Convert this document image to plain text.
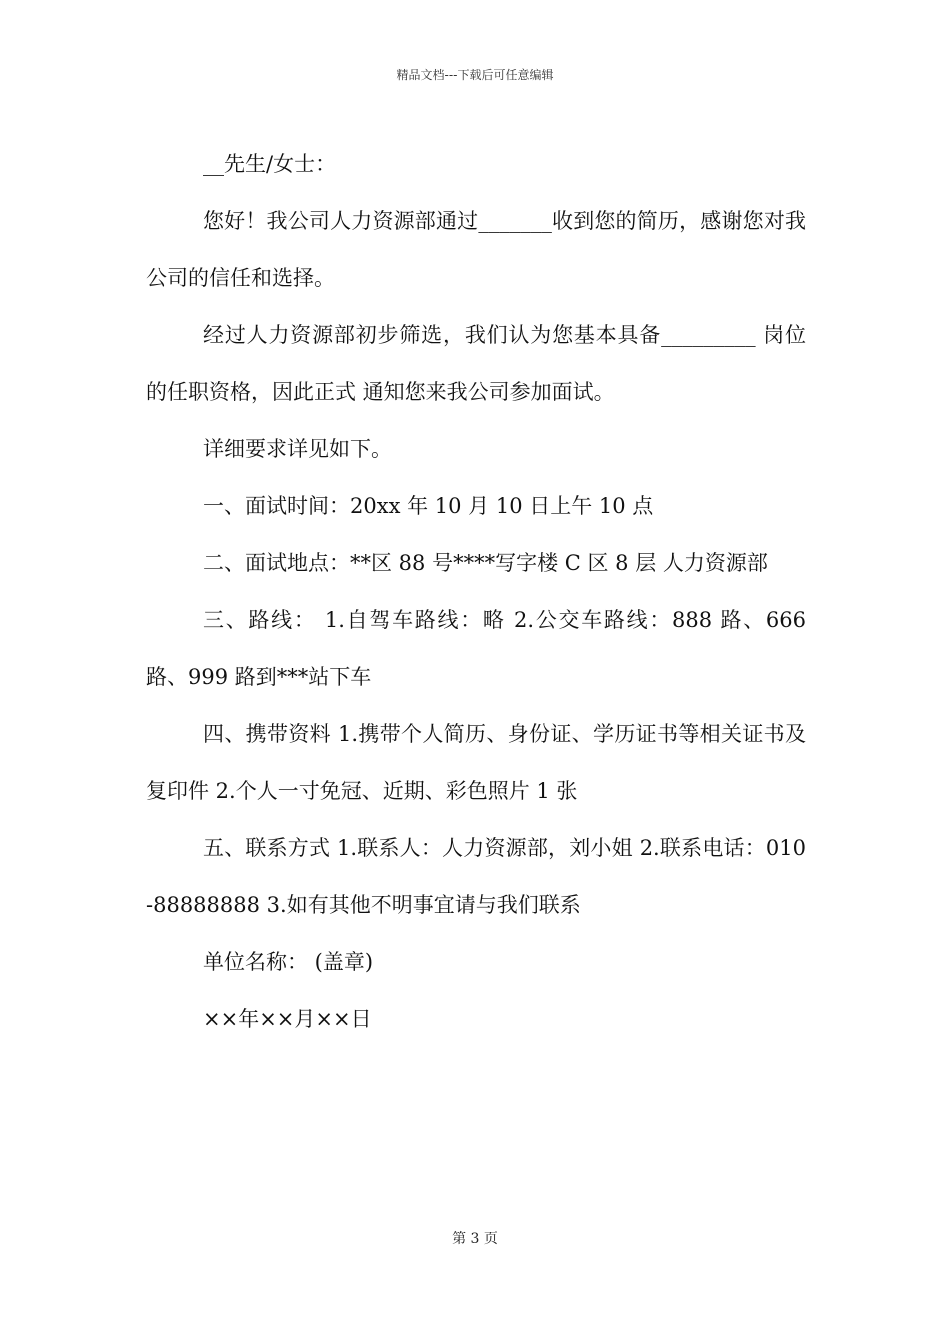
精品文档---下载后可任意编辑

__先生/女士：

您好！我公司人力资源部通过_______收到您的简历，感谢您对我公司的信任和选择。

经过人力资源部初步筛选，我们认为您基本具备_________ 岗位的任职资格，因此正式 通知您来我公司参加面试。

详细要求详见如下。

一、面试时间：20xx 年 10 月 10 日上午 10 点

二、面试地点：**区 88 号****写字楼 C 区 8 层 人力资源部

三、路线： 1.自驾车路线：略 2.公交车路线：888 路、666 路、999 路到***站下车

四、携带资料 1.携带个人简历、身份证、学历证书等相关证书及复印件 2.个人一寸免冠、近期、彩色照片 1 张

五、联系方式 1.联系人：人力资源部，刘小姐 2.联系电话：010-88888888 3.如有其他不明事宜请与我们联系

单位名称： (盖章)

××年××月××日

第 3 页
